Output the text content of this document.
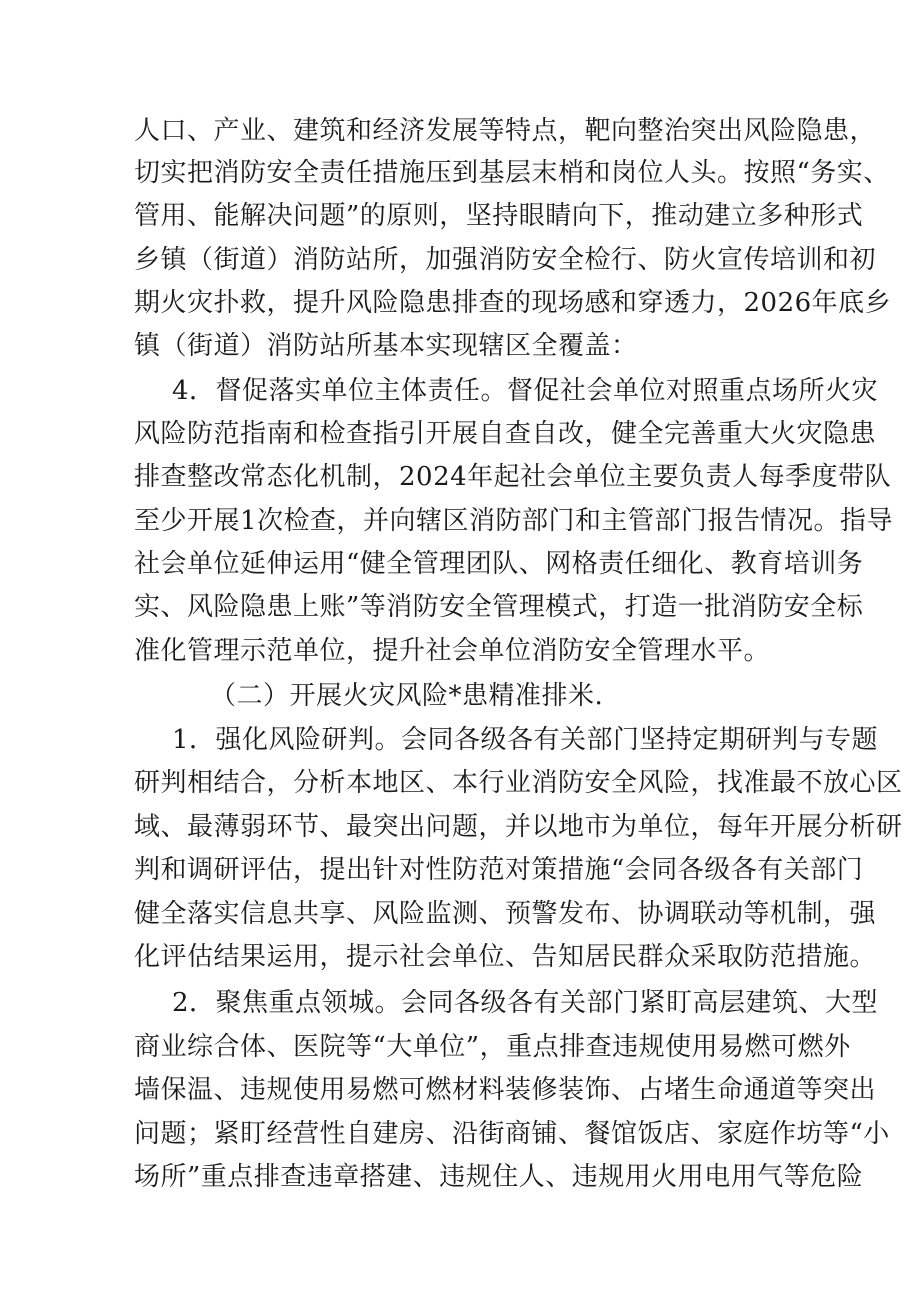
人口、产业、建筑和经济发展等特点，靶向整治突出风险隐患，
切实把消防安全责任措施压到基层末梢和岗位人头。按照“务实、
管用、能解决问题”的原则，坚持眼睛向下，推动建立多种形式
乡镇（街道）消防站所，加强消防安全检行、防火宣传培训和初
期火灾扑救，提升风险隐患排查的现场感和穿透力，2026年底乡
镇（街道）消防站所基本实现辖区全覆盖：
4．督促落实单位主体责任。督促社会单位对照重点场所火灾
风险防范指南和检查指引开展自查自改，健全完善重大火灾隐患
排查整改常态化机制，2024年起社会单位主要负责人每季度带队
至少开展1次检查，并向辖区消防部门和主管部门报告情况。指导
社会单位延伸运用“健全管理团队、网格责任细化、教育培训务
实、风险隐患上账”等消防安全管理模式，打造一批消防安全标
准化管理示范单位，提升社会单位消防安全管理水平。
（二）开展火灾风险*患精准排米.
1．强化风险研判。会同各级各有关部门坚持定期研判与专题
研判相结合，分析本地区、本行业消防安全风险，找准最不放心区
域、最薄弱环节、最突出问题，并以地市为单位，每年开展分析研
判和调研评估，提出针对性防范对策措施“会同各级各有关部门
健全落实信息共享、风险监测、预警发布、协调联动等机制，强
化评估结果运用，提示社会单位、告知居民群众采取防范措施。
2．聚焦重点领城。会同各级各有关部门紧盯高层建筑、大型
商业综合体、医院等“大单位”，重点排查违规使用易燃可燃外
墙保温、违规使用易燃可燃材料装修装饰、占堵生命通道等突出
问题；紧盯经营性自建房、沿街商铺、餐馆饭店、家庭作坊等“小
场所”重点排查违章搭建、违规住人、违规用火用电用气等危险
